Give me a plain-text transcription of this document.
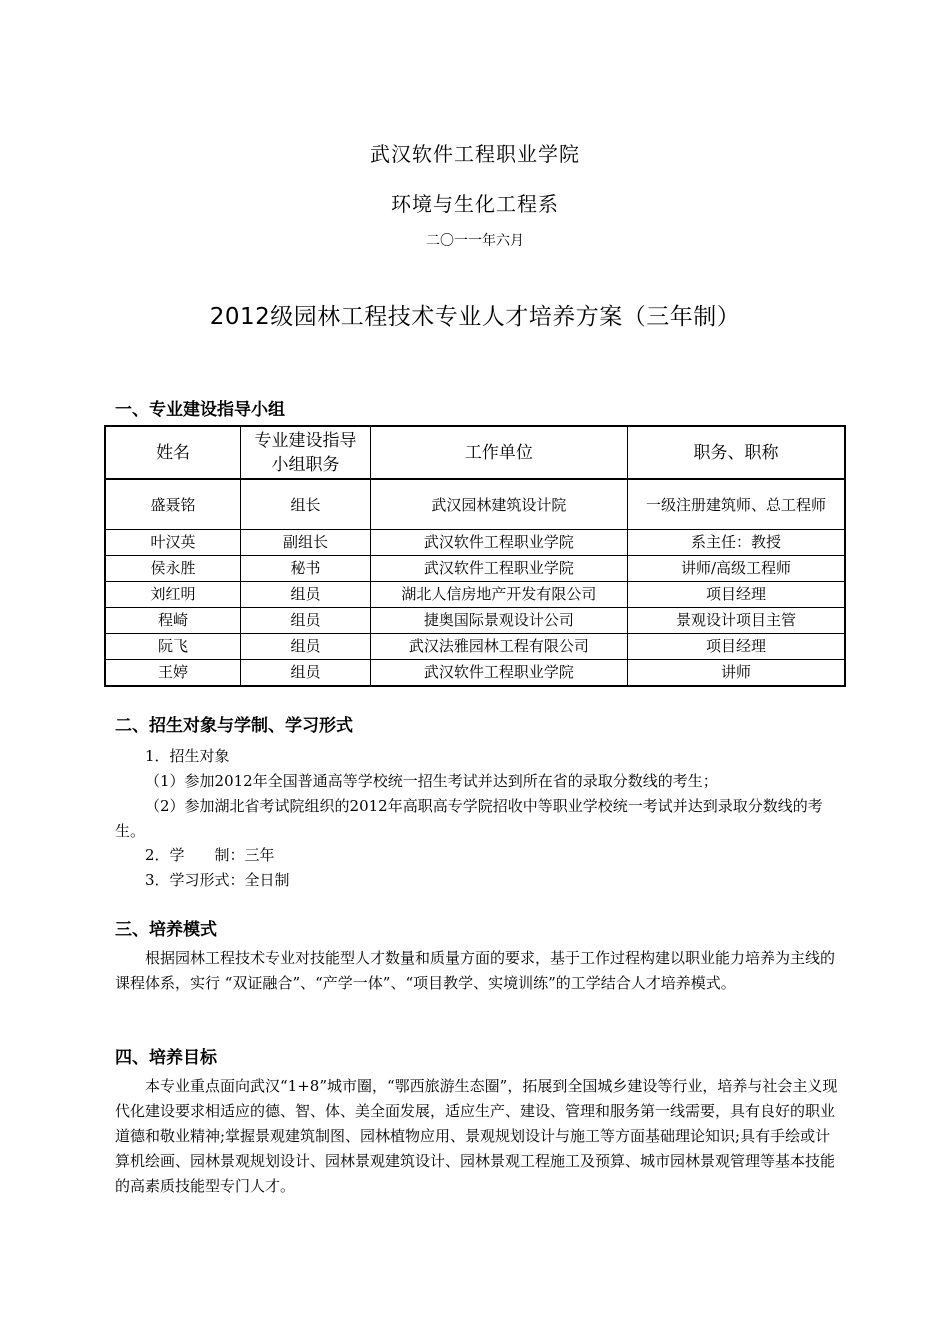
武汉软件工程职业学院
环境与生化工程系
二〇一一年六月
2012级园林工程技术专业人才培养方案（三年制）
一、专业建设指导小组
姓名	专业建设指导小组职务	工作单位	职务、职称
盛聂铭	组长	武汉园林建筑设计院	一级注册建筑师、总工程师
叶汉英	副组长	武汉软件工程职业学院	系主任：教授
侯永胜	秘书	武汉软件工程职业学院	讲师/高级工程师
刘红明	组员	湖北人信房地产开发有限公司	项目经理
程崎	组员	捷奥国际景观设计公司	景观设计项目主管
阮飞	组员	武汉法雅园林工程有限公司	项目经理
王婷	组员	武汉软件工程职业学院	讲师
二、招生对象与学制、学习形式
1．招生对象
（1）参加2012年全国普通高等学校统一招生考试并达到所在省的录取分数线的考生；
（2）参加湖北省考试院组织的2012年高职高专学院招收中等职业学校统一考试并达到录取分数线的考生。
2．学　　制：三年
3．学习形式：全日制
三、培养模式
根据园林工程技术专业对技能型人才数量和质量方面的要求，基于工作过程构建以职业能力培养为主线的课程体系，实行 “双证融合”、“产学一体”、“项目教学、实境训练”的工学结合人才培养模式。
四、培养目标
本专业重点面向武汉“1+8”城市圈，“鄂西旅游生态圈”，拓展到全国城乡建设等行业，培养与社会主义现代化建设要求相适应的德、智、体、美全面发展，适应生产、建设、管理和服务第一线需要，具有良好的职业道德和敬业精神;掌握景观建筑制图、园林植物应用、景观规划设计与施工等方面基础理论知识;具有手绘或计算机绘画、园林景观规划设计、园林景观建筑设计、园林景观工程施工及预算、城市园林景观管理等基本技能的高素质技能型专门人才。
